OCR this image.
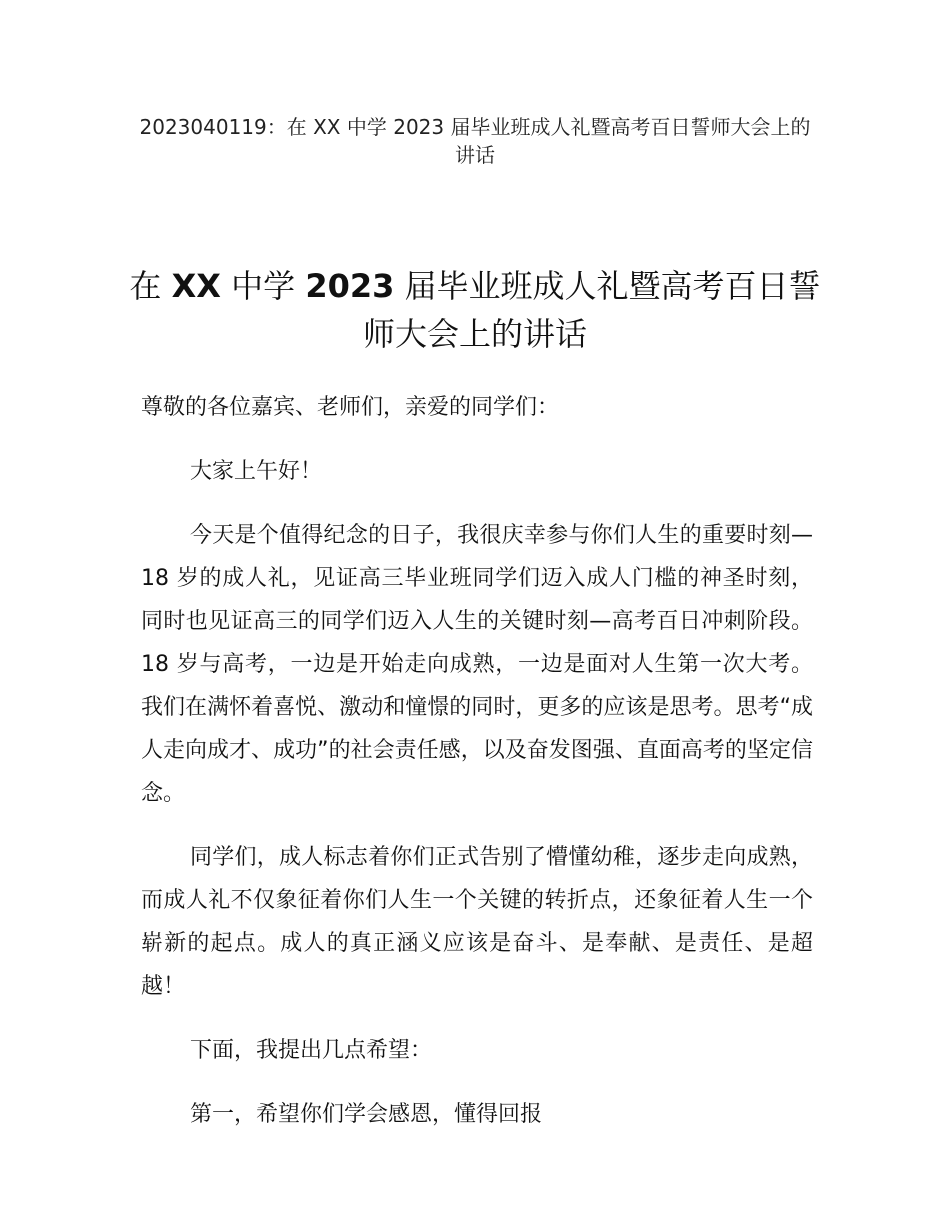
2023040119：在 XX 中学 2023 届毕业班成人礼暨高考百日誓师大会上的讲话
在 XX 中学 2023 届毕业班成人礼暨高考百日誓师大会上的讲话

尊敬的各位嘉宾、老师们，亲爱的同学们：

大家上午好！

今天是个值得纪念的日子，我很庆幸参与你们人生的重要时刻—18 岁的成人礼，见证高三毕业班同学们迈入成人门槛的神圣时刻，同时也见证高三的同学们迈入人生的关键时刻—高考百日冲刺阶段。18 岁与高考，一边是开始走向成熟，一边是面对人生第一次大考。我们在满怀着喜悦、激动和憧憬的同时，更多的应该是思考。思考“成人走向成才、成功”的社会责任感，以及奋发图强、直面高考的坚定信念。

同学们，成人标志着你们正式告别了懵懂幼稚，逐步走向成熟，而成人礼不仅象征着你们人生一个关键的转折点，还象征着人生一个崭新的起点。成人的真正涵义应该是奋斗、是奉献、是责任、是超越！

下面，我提出几点希望：

第一，希望你们学会感恩，懂得回报
